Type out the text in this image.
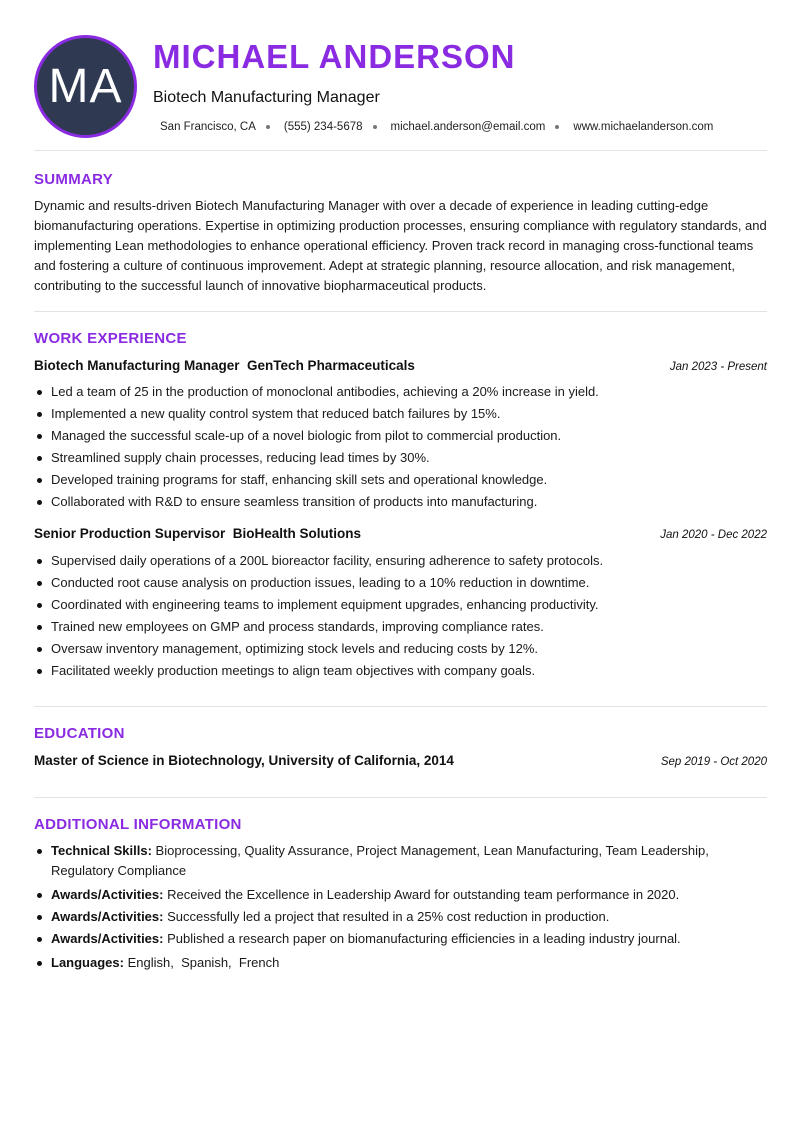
MA
MICHAEL ANDERSON
Biotech Manufacturing Manager
San Francisco, CA (555) 234-5678 michael.anderson@email.com www.michaelanderson.com
SUMMARY
Dynamic and results-driven Biotech Manufacturing Manager with over a decade of experience in leading cutting-edge biomanufacturing operations. Expertise in optimizing production processes, ensuring compliance with regulatory standards, and implementing Lean methodologies to enhance operational efficiency. Proven track record in managing cross-functional teams and fostering a culture of continuous improvement. Adept at strategic planning, resource allocation, and risk management, contributing to the successful launch of innovative biopharmaceutical products.
WORK EXPERIENCE
Biotech Manufacturing Manager GenTech Pharmaceuticals	Jan 2023 - Present
Led a team of 25 in the production of monoclonal antibodies, achieving a 20% increase in yield.
Implemented a new quality control system that reduced batch failures by 15%.
Managed the successful scale-up of a novel biologic from pilot to commercial production.
Streamlined supply chain processes, reducing lead times by 30%.
Developed training programs for staff, enhancing skill sets and operational knowledge.
Collaborated with R&D to ensure seamless transition of products into manufacturing.
Senior Production Supervisor BioHealth Solutions	Jan 2020 - Dec 2022
Supervised daily operations of a 200L bioreactor facility, ensuring adherence to safety protocols.
Conducted root cause analysis on production issues, leading to a 10% reduction in downtime.
Coordinated with engineering teams to implement equipment upgrades, enhancing productivity.
Trained new employees on GMP and process standards, improving compliance rates.
Oversaw inventory management, optimizing stock levels and reducing costs by 12%.
Facilitated weekly production meetings to align team objectives with company goals.
EDUCATION
Master of Science in Biotechnology, University of California, 2014	Sep 2019 - Oct 2020
ADDITIONAL INFORMATION
Technical Skills: Bioprocessing, Quality Assurance, Project Management, Lean Manufacturing, Team Leadership, Regulatory Compliance
Awards/Activities: Received the Excellence in Leadership Award for outstanding team performance in 2020.
Awards/Activities: Successfully led a project that resulted in a 25% cost reduction in production.
Awards/Activities: Published a research paper on biomanufacturing efficiencies in a leading industry journal.
Languages: English,  Spanish,  French
